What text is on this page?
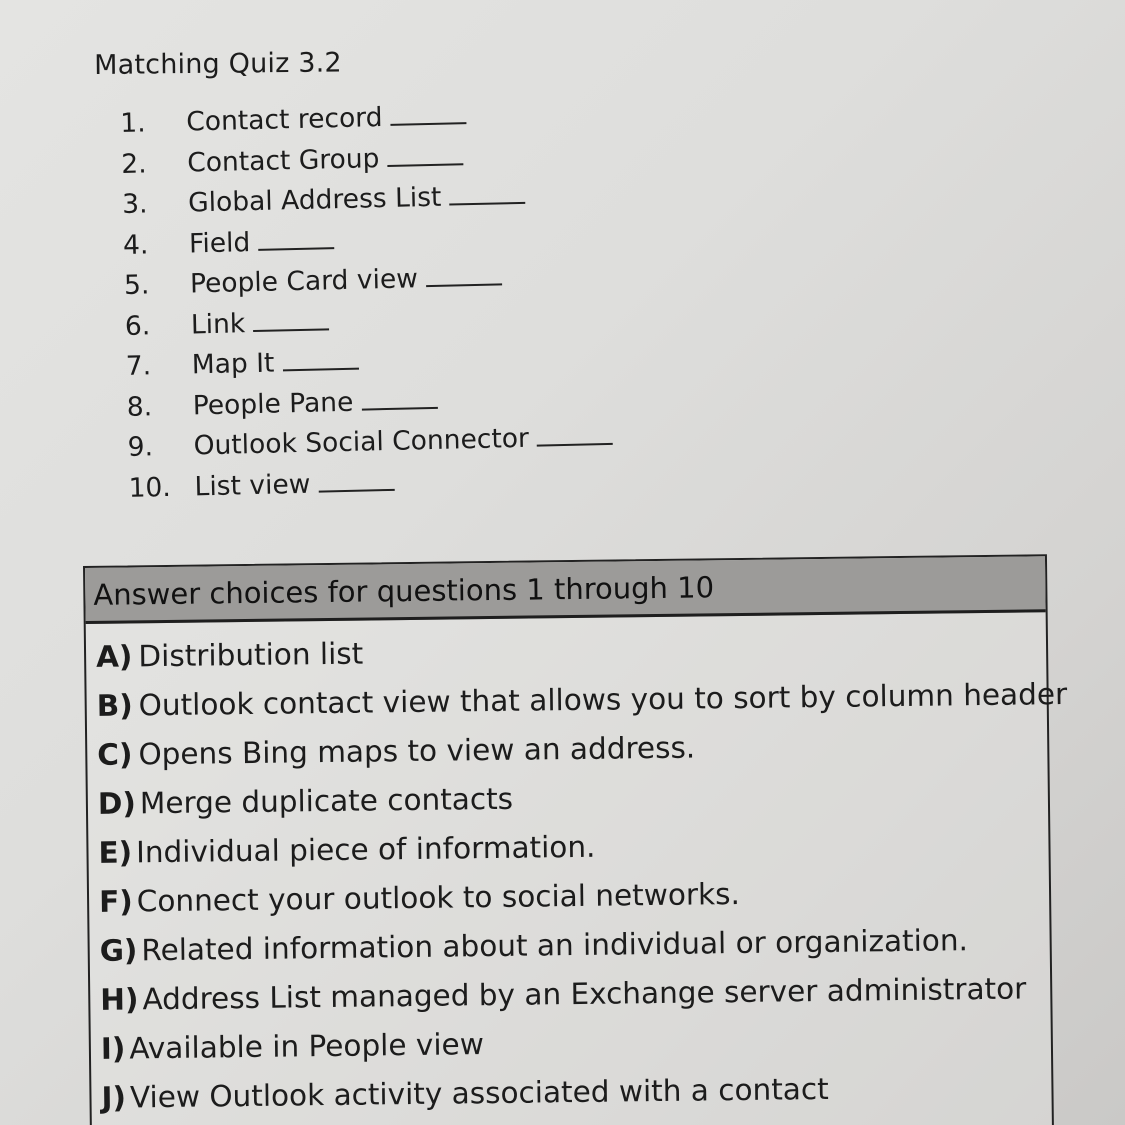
Matching Quiz 3.2
1.	Contact record
2.	Contact Group
3.	Global Address List
4.	Field
5.	People Card view
6.	Link
7.	Map It
8.	People Pane
9.	Outlook Social Connector
10. List view
Answer choices for questions 1 through 10
A) Distribution list
B) Outlook contact view that allows you to sort by column header
C) Opens Bing maps to view an address.
D) Merge duplicate contacts
E) Individual piece of information.
F) Connect your outlook to social networks.
G) Related information about an individual or organization.
H) Address List managed by an Exchange server administrator
I) Available in People view
J) View Outlook activity associated with a contact
